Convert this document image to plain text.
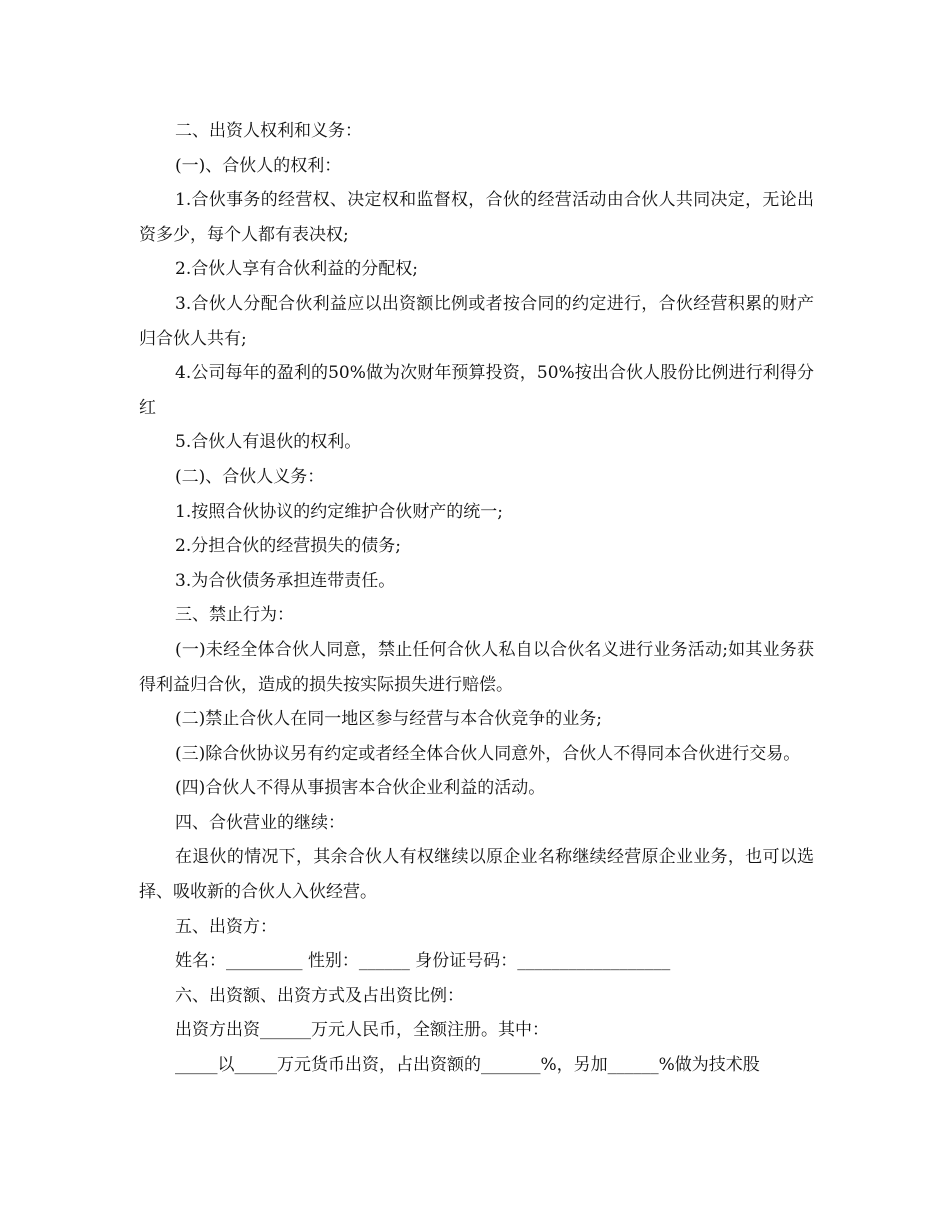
二、出资人权利和义务：

(一)、合伙人的权利：

1.合伙事务的经营权、决定权和监督权，合伙的经营活动由合伙人共同决定，无论出资多少，每个人都有表决权;

2.合伙人享有合伙利益的分配权;

3.合伙人分配合伙利益应以出资额比例或者按合同的约定进行，合伙经营积累的财产归合伙人共有;

4.公司每年的盈利的50%做为次财年预算投资，50%按出合伙人股份比例进行利得分红

5.合伙人有退伙的权利。

(二)、合伙人义务：

1.按照合伙协议的约定维护合伙财产的统一;

2.分担合伙的经营损失的债务;

3.为合伙债务承担连带责任。

三、禁止行为：

(一)未经全体合伙人同意，禁止任何合伙人私自以合伙名义进行业务活动;如其业务获得利益归合伙，造成的损失按实际损失进行赔偿。

(二)禁止合伙人在同一地区参与经营与本合伙竞争的业务;

(三)除合伙协议另有约定或者经全体合伙人同意外，合伙人不得同本合伙进行交易。

(四)合伙人不得从事损害本合伙企业利益的活动。

四、合伙营业的继续：

在退伙的情况下，其余合伙人有权继续以原企业名称继续经营原企业业务，也可以选择、吸收新的合伙人入伙经营。

五、出资方：

姓名：_________ 性别：______ 身份证号码：__________________

六、出资额、出资方式及占出资比例：

出资方出资______万元人民币，全额注册。其中：

_____以_____万元货币出资，占出资额的_______%，另加______%做为技术股
